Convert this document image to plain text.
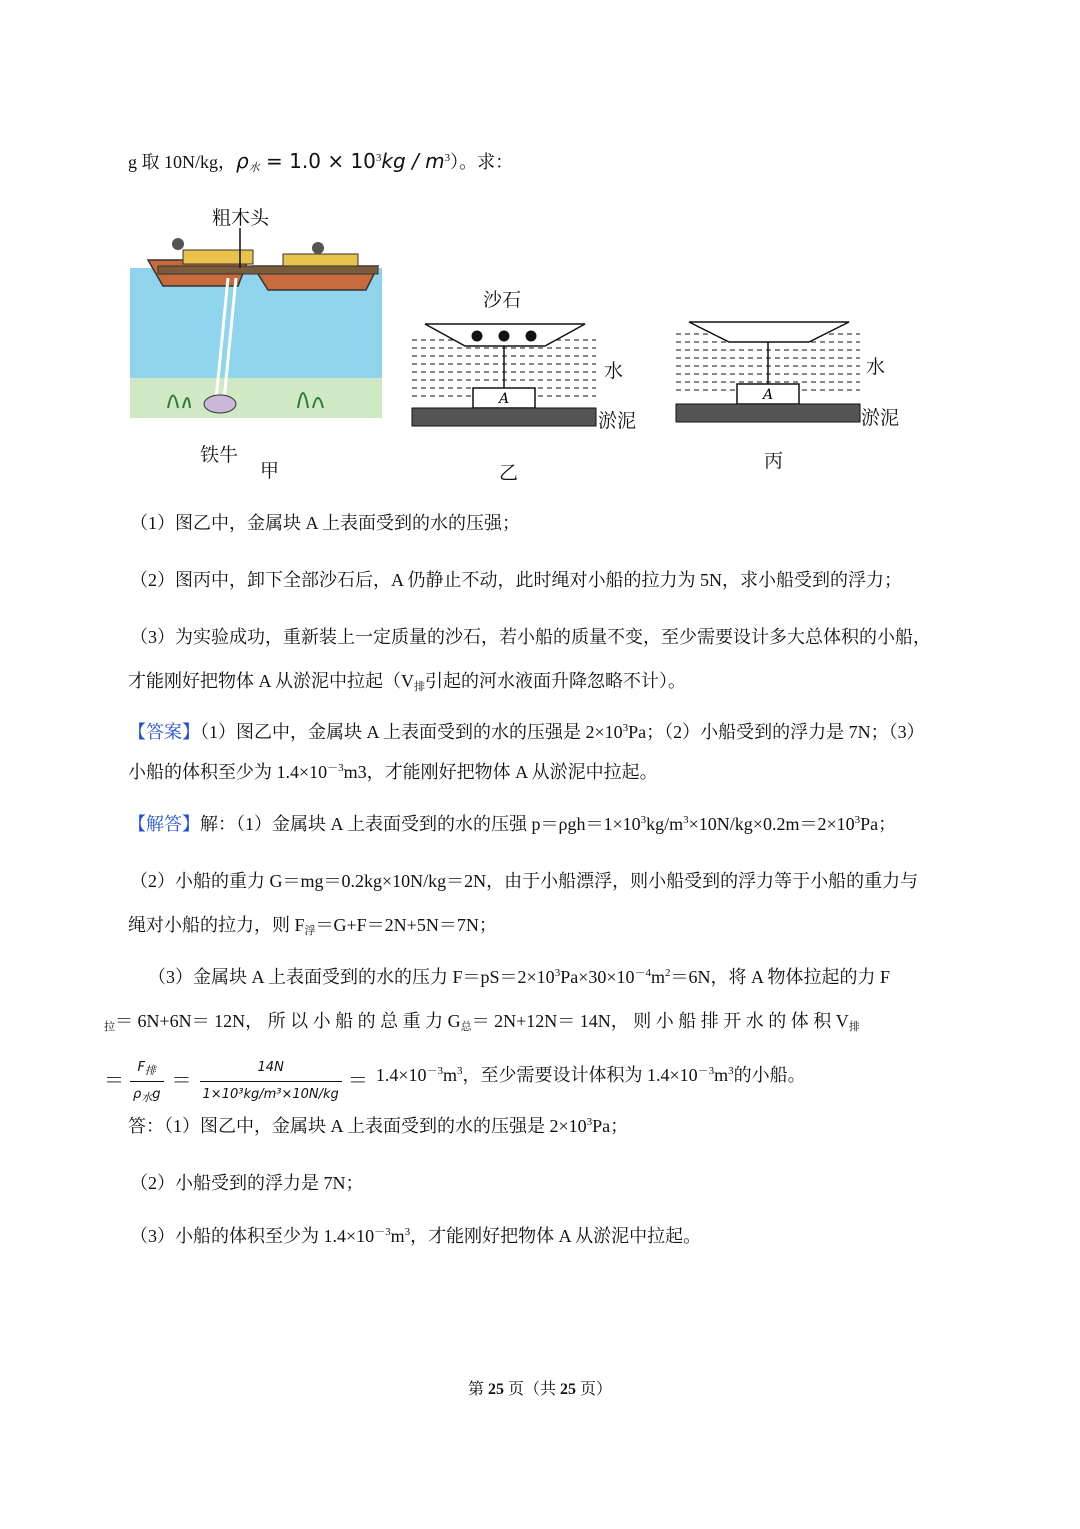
g 取 10N/kg，$\rho_水 = 1.0 \times 10^3kg / m^3$）。求：
粗木头
铁牛
甲
A
沙石
水
淤泥
乙
A
水
淤泥
丙
（1）图乙中，金属块 A 上表面受到的水的压强；
（2）图丙中，卸下全部沙石后，A 仍静止不动，此时绳对小船的拉力为 5N，求小船受到的浮力；
（3）为实验成功，重新装上一定质量的沙石，若小船的质量不变，至少需要设计多大总体积的小船，
才能刚好把物体 A 从淤泥中拉起（$V_排$引起的河水液面升降忽略不计）。
【答案】（1）图乙中，金属块 A 上表面受到的水的压强是 $2\times 10^3Pa$；（2）小船受到的浮力是 7N；（3）
小船的体积至少为 $1.4\times 10^{-3}m3$，才能刚好把物体 A 从淤泥中拉起。
【解答】解：（1）金属块 A 上表面受到的水的压强 $p=\rho gh=1\times 10^3kg/m^3\times 10N/kg\times 0.2m=2\times 10^3Pa$；
（2）小船的重力 G＝mg＝0.2kg×10N/kg＝2N，由于小船漂浮，则小船受到的浮力等于小船的重力与
绳对小船的拉力，则 $F_浮=G+F=2N+5N=7N$；
（3）金属块 A 上表面受到的水的压力 $F=pS=2\times 10^3Pa\times 30\times 10^{-4}m^2=6N$，将 A 物体拉起的力 F
$_拉$＝ 6N+6N＝ 12N， 所 以 小 船 的 总 重 力 $G_总= 2N+12N= 14N$， 则 小 船 排 开 水 的 体 积 $V_排$
＝ $\frac{F_排}{\rho_水g} = \frac{14N}{\text{1×10³kg/m³×10N/kg}} = 1.4\times 10^{-3}m^3$，至少需要设计体积为 $1.4\times 10^{-3}m^3$的小船。
答：（1）图乙中，金属块 A 上表面受到的水的压强是 $2\times 10^3Pa$；
（2）小船受到的浮力是 7N；
（3）小船的体积至少为 $1.4\times 10^{-3}m^3$，才能刚好把物体 A 从淤泥中拉起。
第 25 页（共 25 页）
